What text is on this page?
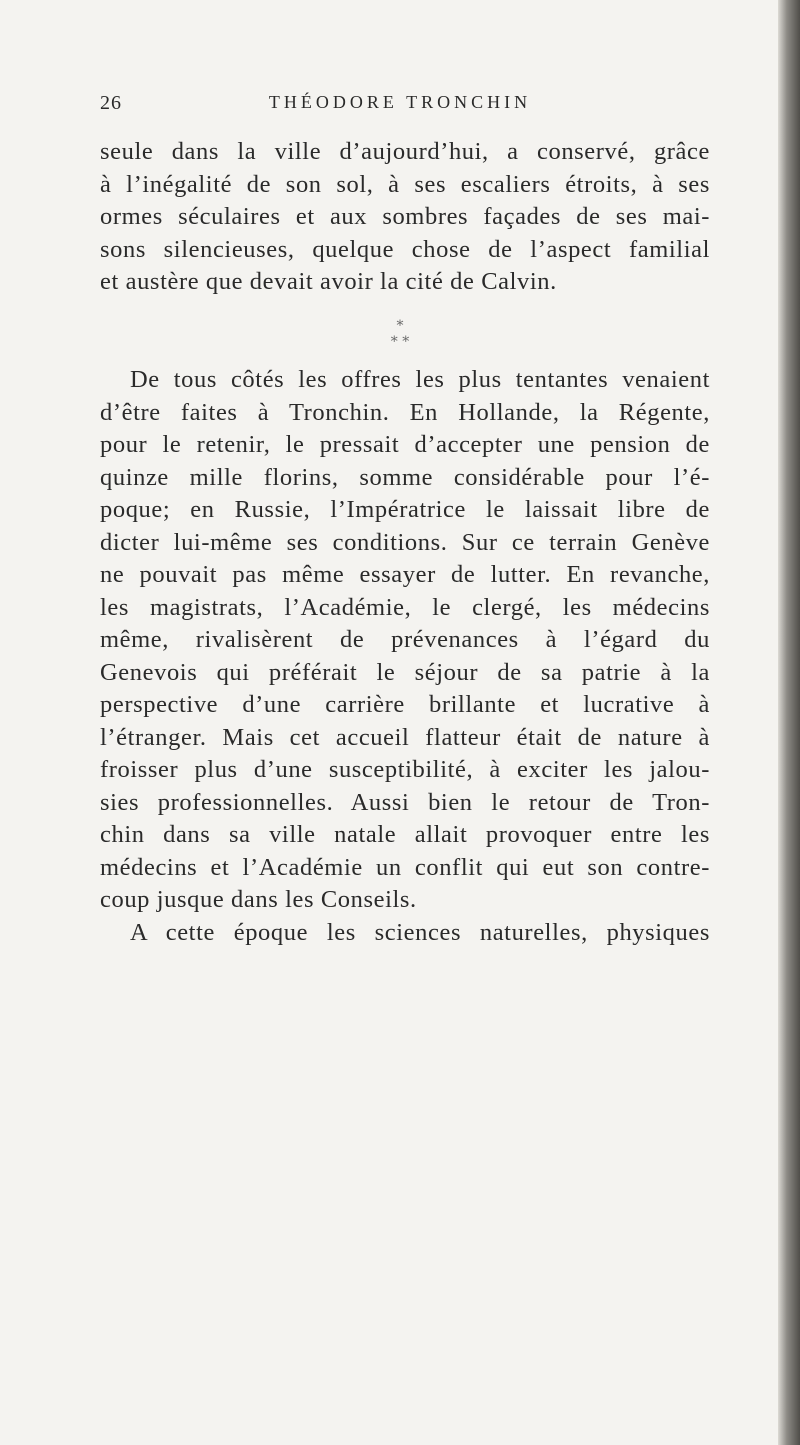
26	THÉODORE TRONCHIN
seule dans la ville d’aujourd’hui, a conservé, grâce
à l’inégalité de son sol, à ses escaliers étroits, à ses
ormes séculaires et aux sombres façades de ses mai-
sons silencieuses, quelque chose de l’aspect familial
et austère que devait avoir la cité de Calvin.
*
* *
De tous côtés les offres les plus tentantes venaient
d’être faites à Tronchin. En Hollande, la Régente,
pour le retenir, le pressait d’accepter une pension de
quinze mille florins, somme considérable pour l’é-
poque; en Russie, l’Impératrice le laissait libre de
dicter lui-même ses conditions. Sur ce terrain Genève
ne pouvait pas même essayer de lutter. En revanche,
les magistrats, l’Académie, le clergé, les médecins
même, rivalisèrent de prévenances à l’égard du
Genevois qui préférait le séjour de sa patrie à la
perspective d’une carrière brillante et lucrative à
l’étranger. Mais cet accueil flatteur était de nature à
froisser plus d’une susceptibilité, à exciter les jalou-
sies professionnelles. Aussi bien le retour de Tron-
chin dans sa ville natale allait provoquer entre les
médecins et l’Académie un conflit qui eut son contre-
coup jusque dans les Conseils.
A cette époque les sciences naturelles, physiques
